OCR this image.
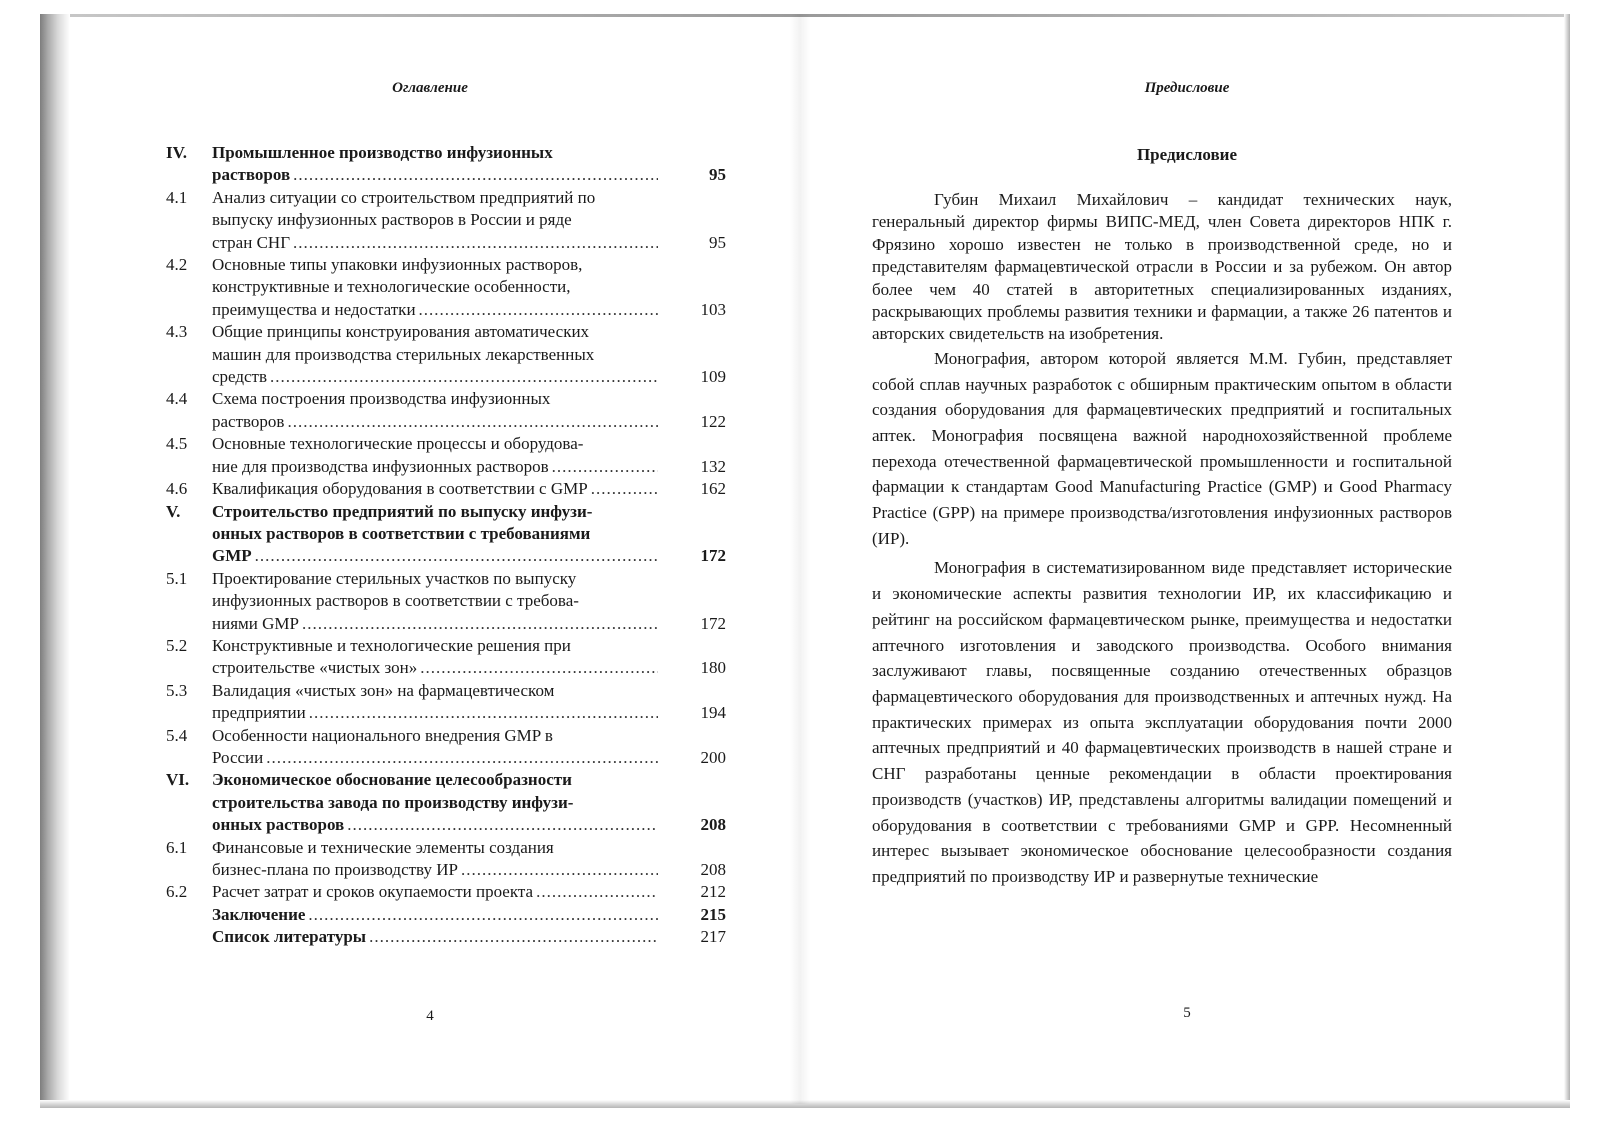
Оглавление
IV.	Промышленное производство инфузионных
растворов .....	95
4.1	Анализ ситуации со строительством предприятий по
выпуску инфузионных растворов в России и ряде
стран СНГ .....	95
4.2	Основные типы упаковки инфузионных растворов,
конструктивные и технологические особенности,
преимущества и недостатки .....	103
4.3	Общие принципы конструирования автоматических
машин для производства стерильных лекарственных
средств .....	109
4.4	Схема построения производства инфузионных
растворов .....	122
4.5	Основные технологические процессы и оборудова-
ние для производства инфузионных растворов .....	132
4.6	Квалификация оборудования в соответствии с GMP .....	162
V.	Строительство предприятий по выпуску инфузи-
онных растворов в соответствии с требованиями
GMP .....	172
5.1	Проектирование стерильных участков по выпуску
инфузионных растворов в соответствии с требова-
ниями GMP .....	172
5.2	Конструктивные и технологические решения при
строительстве «чистых зон» .....	180
5.3	Валидация «чистых зон» на фармацевтическом
предприятии .....	194
5.4	Особенности национального внедрения GMP в
России .....	200
VI.	Экономическое обоснование целесообразности
строительства завода по производству инфузи-
онных растворов .....	208
6.1	Финансовые и технические элементы создания
бизнес-плана по производству ИР .....	208
6.2	Расчет затрат и сроков окупаемости проекта .....	212
Заключение .....	215
Список литературы .....	217
4
Предисловие
Предисловие

Губин Михаил Михайлович – кандидат технических наук, генеральный директор фирмы ВИПС-МЕД, член Совета директоров НПК г. Фрязино хорошо известен не только в производственной среде, но и представителям фармацевтической отрасли в России и за рубежом. Он автор более чем 40 статей в авторитетных специализированных изданиях, раскрывающих проблемы развития техники и фармации, а также 26 патентов и авторских свидетельств на изобретения.

Монография, автором которой является М.М. Губин, представляет собой сплав научных разработок с обширным практическим опытом в области создания оборудования для фармацевтических предприятий и госпитальных аптек. Монография посвящена важной народнохозяйственной проблеме перехода отечественной фармацевтической промышленности и госпитальной фармации к стандартам Good Manufacturing Practice (GMP) и Good Pharmacy Practice (GPP) на примере производства/изготовления инфузионных растворов (ИР).

Монография в систематизированном виде представляет исторические и экономические аспекты развития технологии ИР, их классификацию и рейтинг на российском фармацевтическом рынке, преимущества и недостатки аптечного изготовления и заводского производства. Особого внимания заслуживают главы, посвященные созданию отечественных образцов фармацевтического оборудования для производственных и аптечных нужд. На практических примерах из опыта эксплуатации оборудования почти 2000 аптечных предприятий и 40 фармацевтических производств в нашей стране и СНГ разработаны ценные рекомендации в области проектирования производств (участков) ИР, представлены алгоритмы валидации помещений и оборудования в соответствии с требованиями GMP и GPP. Несомненный интерес вызывает экономическое обоснование целесообразности создания предприятий по производству ИР и развернутые технические

5
